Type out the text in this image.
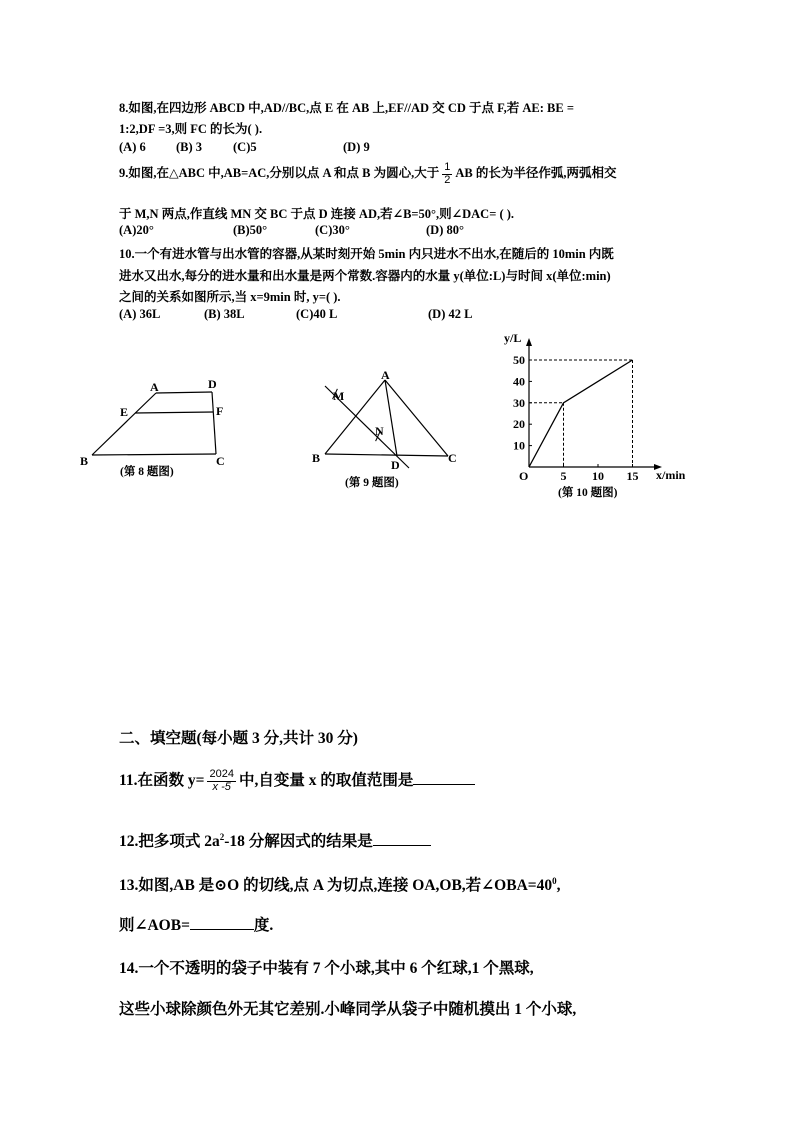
8.如图,在四边形 ABCD 中,AD//BC,点 E 在 AB 上,EF//AD 交 CD 于点 F,若 AE: BE =
1:2,DF =3,则 FC 的长为( ).
(A) 6 (B) 3 (C)5	(D) 9
9.如图,在△ABC 中,AB=AC,分别以点 A 和点 B 为圆心,大于 $\frac{1}{2}$ AB 的长为半径作弧,两弧相交
于 M,N 两点,作直线 MN 交 BC 于点 D 连接 AD,若∠B=50°,则∠DAC= ( ).
(A)20°	(B)50°	(C)30°	(D) 80°
10.一个有进水管与出水管的容器,从某时刻开始 5min 内只进水不出水,在随后的 10min 内既
进水又出水,每分的进水量和出水量是两个常数.容器内的水量 y(单位:L)与时间 x(单位:min)
之间的关系如图所示,当 x=9min 时, y=( ).
(A) 36L	(B) 38L	(C)40 L	(D) 42 L
A	D
E	F
B	C
(第 8 题图)
A
M
N
B	D	C
(第 9 题图)
y/L
x/min
O
10
20
30
40
50
5 10 15
(第 10 题图)
二、填空题(每小题 3 分,共计 30 分)
11.在函数 $y= \frac{2024}{x -5}$ 中,自变量 x 的取值范围是
12.把多项式 $2a^2-18$ 分解因式的结果是
13.如图,AB 是⊙O 的切线,点 A 为切点,连接 OA,OB,若$\angle OBA=40^0$,
则∠AOB=	度.
14.一个不透明的袋子中装有 7 个小球,其中 6 个红球,1 个黑球,
这些小球除颜色外无其它差别.小峰同学从袋子中随机摸出 1 个小球,
